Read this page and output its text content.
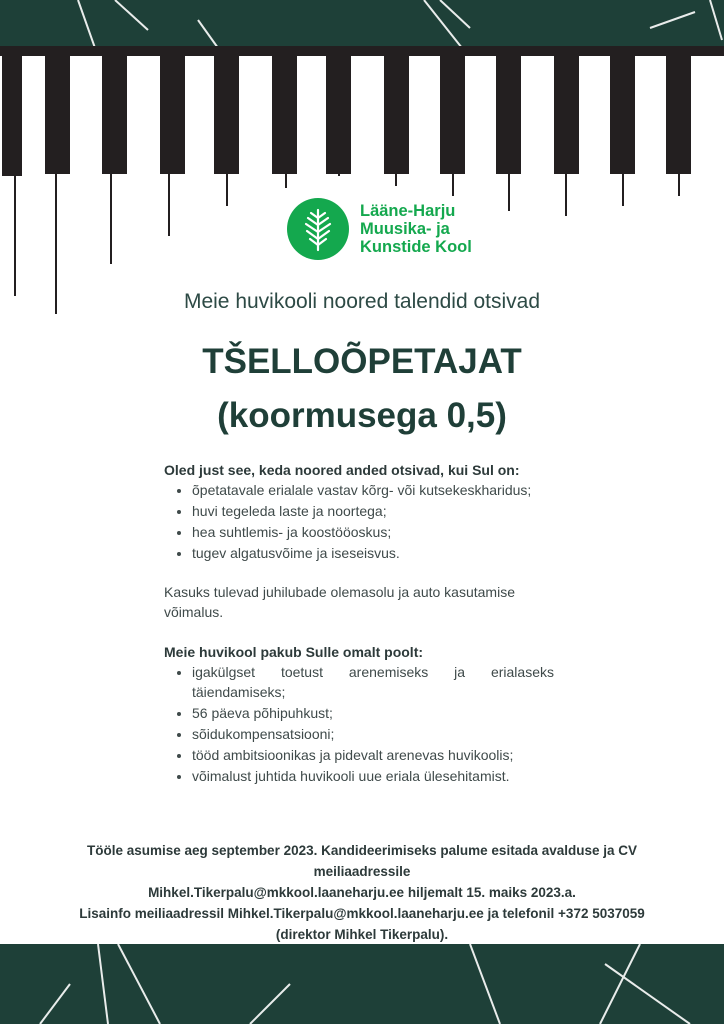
Lääne-Harju
Muusika- ja
Kunstide Kool
Meie huvikooli noored talendid otsivad
TŠELLOÕPETAJAT
(koormusega 0,5)

Oled just see, keda noored anded otsivad, kui Sul on:

• õpetatavale erialale vastav kõrg- või kutsekeskharidus;
• huvi tegeleda laste ja noortega;
• hea suhtlemis- ja koostööoskus;
• tugev algatusvõime ja iseseisvus.

Kasuks tulevad juhilubade olemasolu ja auto kasutamise võimalus.

Meie huvikool pakub Sulle omalt poolt:

• igakülgset toetust arenemiseks ja erialaseks täiendamiseks;
• 56 päeva põhipuhkust;
• sõidukompensatsiooni;
• tööd ambitsioonikas ja pidevalt arenevas huvikoolis;
• võimalust juhtida huvikooli uue eriala ülesehitamist.
Tööle asumise aeg september 2023. Kandideerimiseks palume esitada avalduse ja CV meiliaadressile
Mihkel.Tikerpalu@mkkool.laaneharju.ee hiljemalt 15. maiks 2023.a.
Lisainfo meiliaadressil Mihkel.Tikerpalu@mkkool.laaneharju.ee ja telefonil +372 5037059
(direktor Mihkel Tikerpalu).
